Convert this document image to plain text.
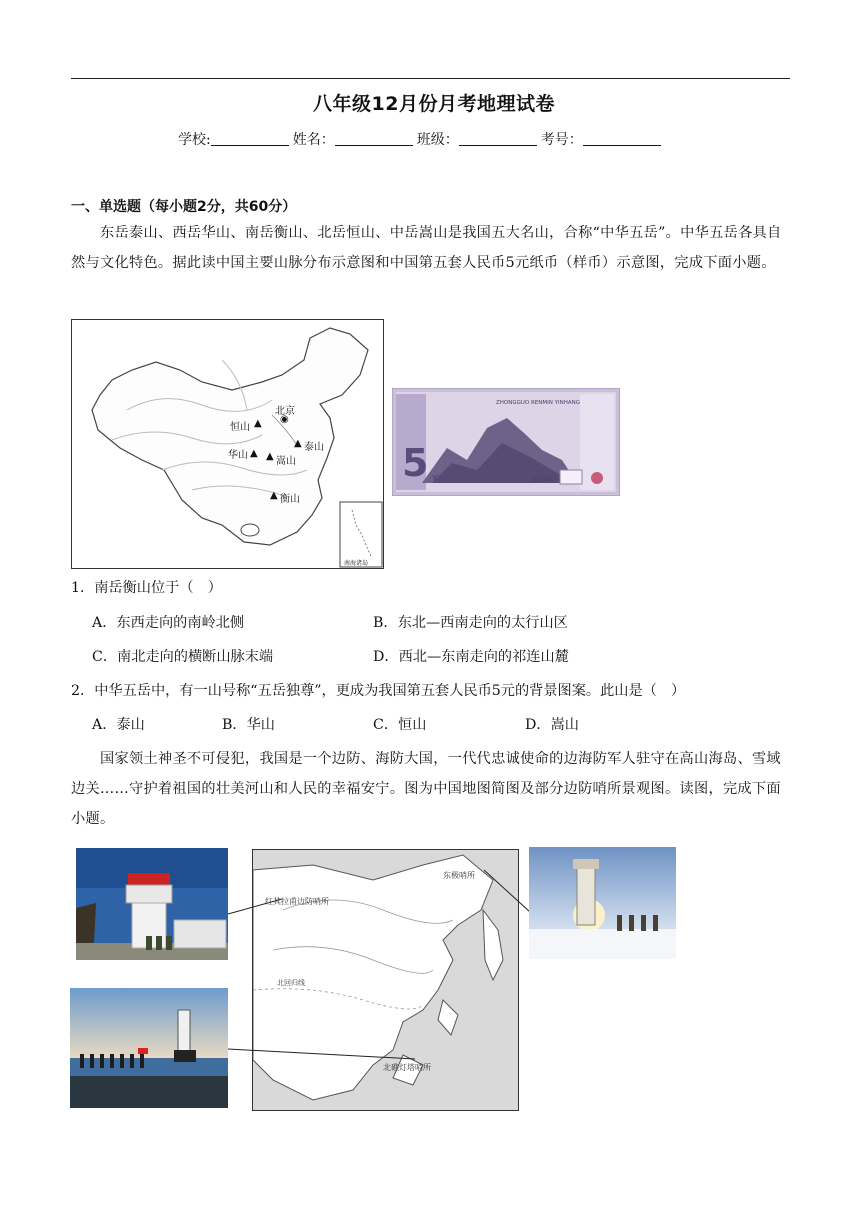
八年级12月份月考地理试卷
学校:	姓名：	班级：	考号：
一、单选题（每小题2分，共60分）
东岳泰山、西岳华山、南岳衡山、北岳恒山、中岳嵩山是我国五大名山，合称“中华五岳”。中华五岳各具自然与文化特色。据此读中国主要山脉分布示意图和中国第五套人民币5元纸币（样币）示意图，完成下面小题。
北京
◉
恒山 ▲
▲ 泰山
华山 ▲ ▲ 嵩山
▲ 衡山
南海诸岛
ZHONGGUO RENMIN YINHANG
5 YUAN	2020年
1．南岳衡山位于（　）
A．东西走向的南岭北侧	B．东北—西南走向的太行山区
C．南北走向的横断山脉末端	D．西北—东南走向的祁连山麓
2．中华五岳中，有一山号称“五岳独尊”，更成为我国第五套人民币5元的背景图案。此山是（　）
A．泰山	B．华山	C．恒山	D．嵩山
国家领土神圣不可侵犯，我国是一个边防、海防大国，一代代忠诚使命的边海防军人驻守在高山海岛、雪域边关……守护着祖国的壮美河山和人民的幸福安宁。图为中国地图简图及部分边防哨所景观图。读图，完成下面小题。
东极哨所
红其拉甫边防哨所
北礁灯塔哨所
北回归线
